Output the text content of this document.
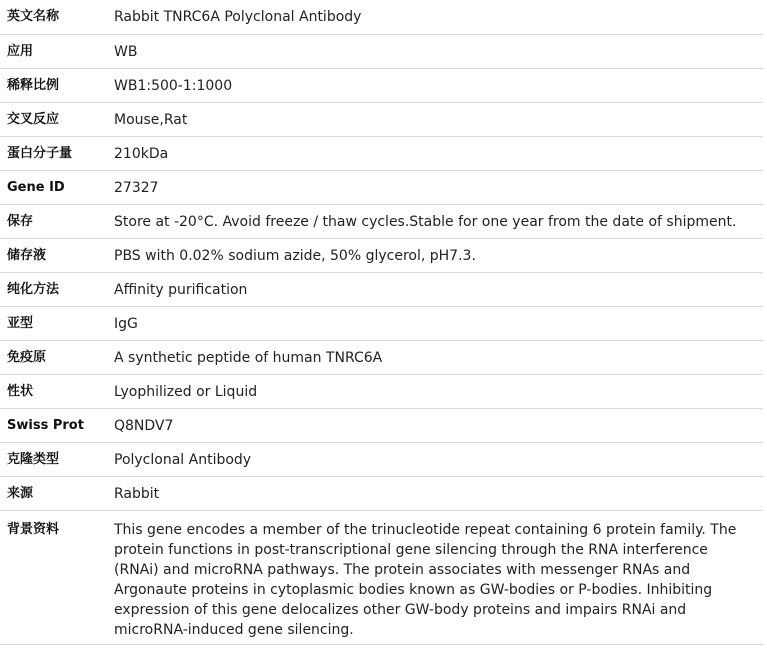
英文名称	Rabbit TNRC6A Polyclonal Antibody
应用	WB
稀释比例	WB1:500-1:1000
交叉反应	Mouse,Rat
蛋白分子量	210kDa
Gene ID	27327
保存	Store at -20°C. Avoid freeze / thaw cycles.Stable for one year from the date of shipment.
储存液	PBS with 0.02% sodium azide, 50% glycerol, pH7.3.
纯化方法	Affinity purification
亚型	IgG
免疫原	A synthetic peptide of human TNRC6A
性状	Lyophilized or Liquid
Swiss Prot	Q8NDV7
克隆类型	Polyclonal Antibody
来源	Rabbit
背景资料	This gene encodes a member of the trinucleotide repeat containing 6 protein family. The protein functions in post-transcriptional gene silencing through the RNA interference (RNAi) and microRNA pathways. The protein associates with messenger RNAs and Argonaute proteins in cytoplasmic bodies known as GW-bodies or P-bodies. Inhibiting expression of this gene delocalizes other GW-body proteins and impairs RNAi and microRNA-induced gene silencing.
